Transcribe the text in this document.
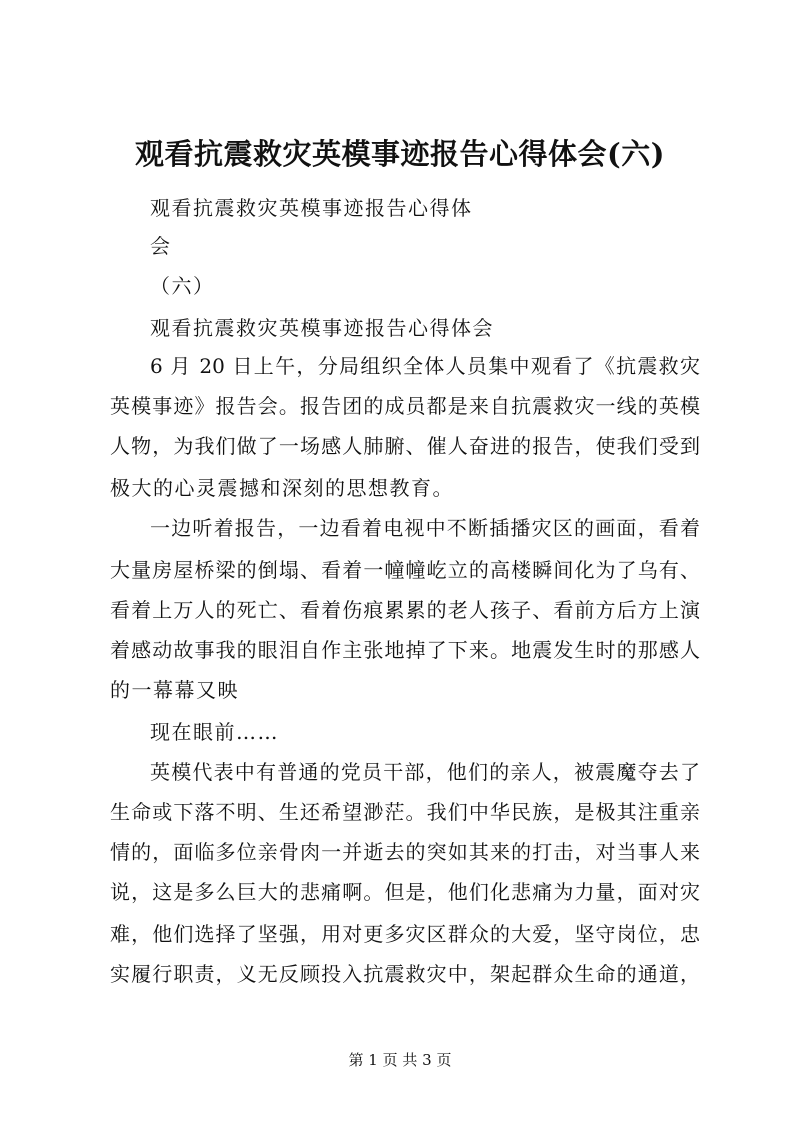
观看抗震救灾英模事迹报告心得体会(六)
观看抗震救灾英模事迹报告心得体
会
（六）
观看抗震救灾英模事迹报告心得体会
6 月 20 日上午，分局组织全体人员集中观看了《抗震救灾
英模事迹》报告会。报告团的成员都是来自抗震救灾一线的英模
人物，为我们做了一场感人肺腑、催人奋进的报告，使我们受到
极大的心灵震撼和深刻的思想教育。
一边听着报告，一边看着电视中不断插播灾区的画面，看着
大量房屋桥梁的倒塌、看着一幢幢屹立的高楼瞬间化为了乌有、
看着上万人的死亡、看着伤痕累累的老人孩子、看前方后方上演
着感动故事我的眼泪自作主张地掉了下来。地震发生时的那感人
的一幕幕又映
现在眼前……
英模代表中有普通的党员干部，他们的亲人，被震魔夺去了
生命或下落不明、生还希望渺茫。我们中华民族，是极其注重亲
情的，面临多位亲骨肉一并逝去的突如其来的打击，对当事人来
说，这是多么巨大的悲痛啊。但是，他们化悲痛为力量，面对灾
难，他们选择了坚强，用对更多灾区群众的大爱，坚守岗位，忠
实履行职责，义无反顾投入抗震救灾中，架起群众生命的通道，
第 1 页 共 3 页
